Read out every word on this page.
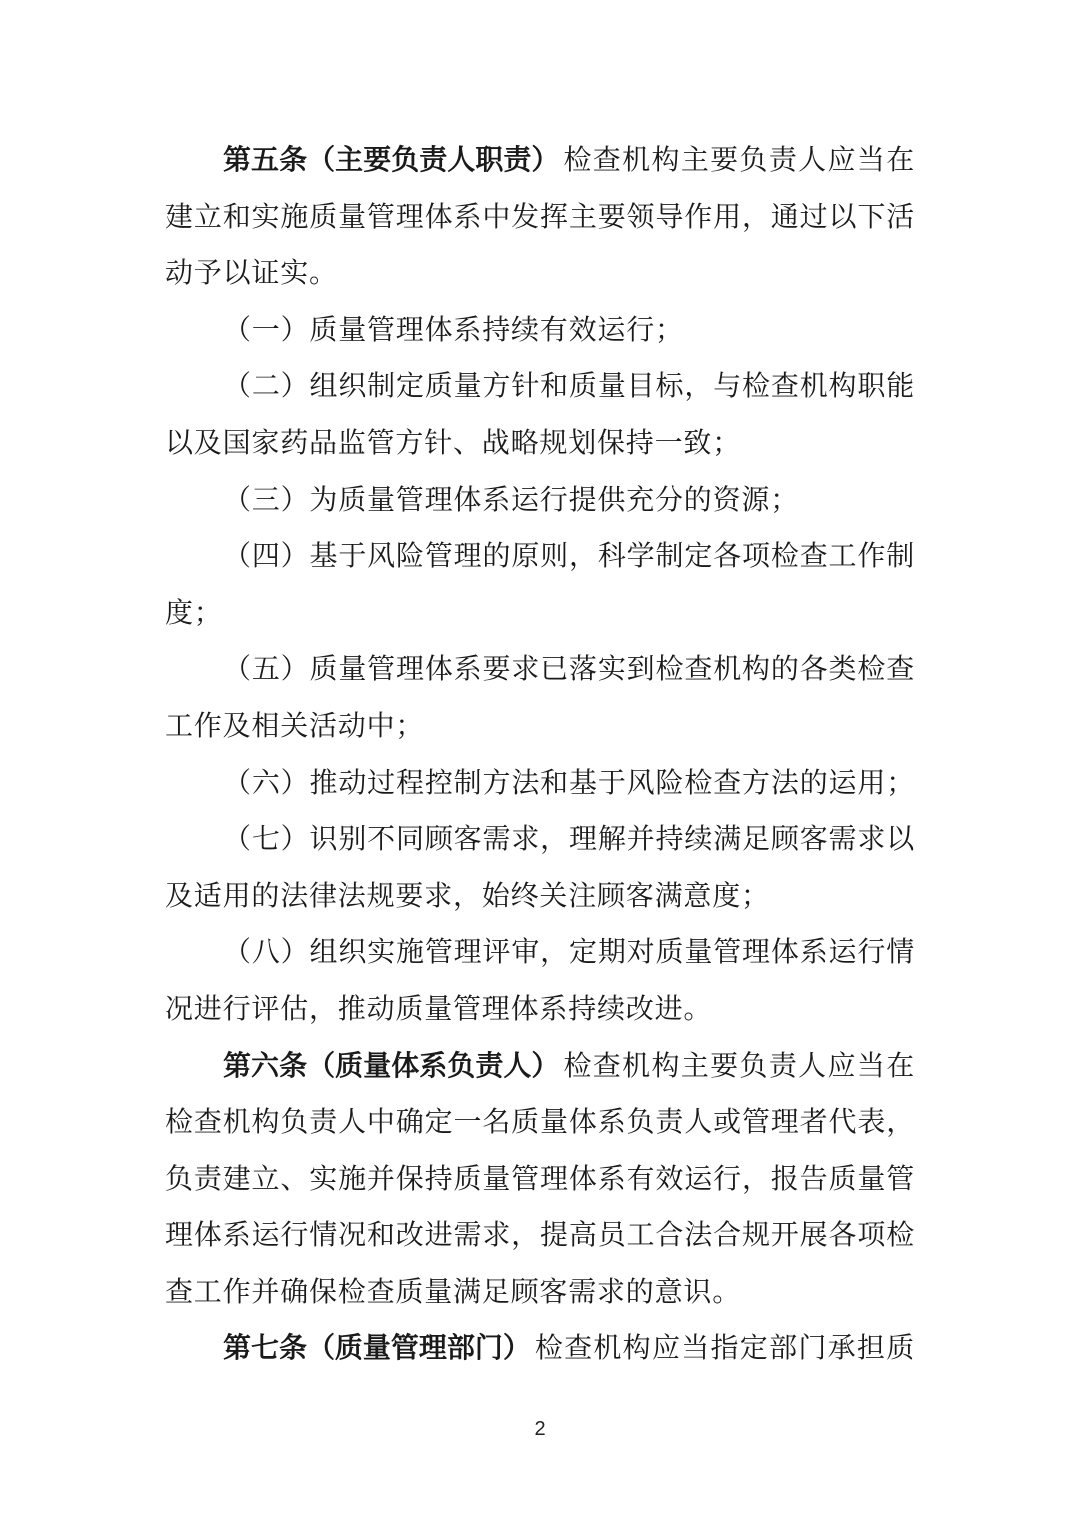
第五条（主要负责人职责） 检查机构主要负责人应当在
建立和实施质量管理体系中发挥主要领导作用，通过以下活
动予以证实。
（一）质量管理体系持续有效运行；
（二）组织制定质量方针和质量目标，与检查机构职能
以及国家药品监管方针、战略规划保持一致；
（三）为质量管理体系运行提供充分的资源；
（四）基于风险管理的原则，科学制定各项检查工作制
度；
（五）质量管理体系要求已落实到检查机构的各类检查
工作及相关活动中；
（六）推动过程控制方法和基于风险检查方法的运用；
（七）识别不同顾客需求，理解并持续满足顾客需求以
及适用的法律法规要求，始终关注顾客满意度；
（八）组织实施管理评审，定期对质量管理体系运行情
况进行评估，推动质量管理体系持续改进。
第六条（质量体系负责人） 检查机构主要负责人应当在
检查机构负责人中确定一名质量体系负责人或管理者代表，
负责建立、实施并保持质量管理体系有效运行，报告质量管
理体系运行情况和改进需求，提高员工合法合规开展各项检
查工作并确保检查质量满足顾客需求的意识。
第七条（质量管理部门） 检查机构应当指定部门承担质
2
